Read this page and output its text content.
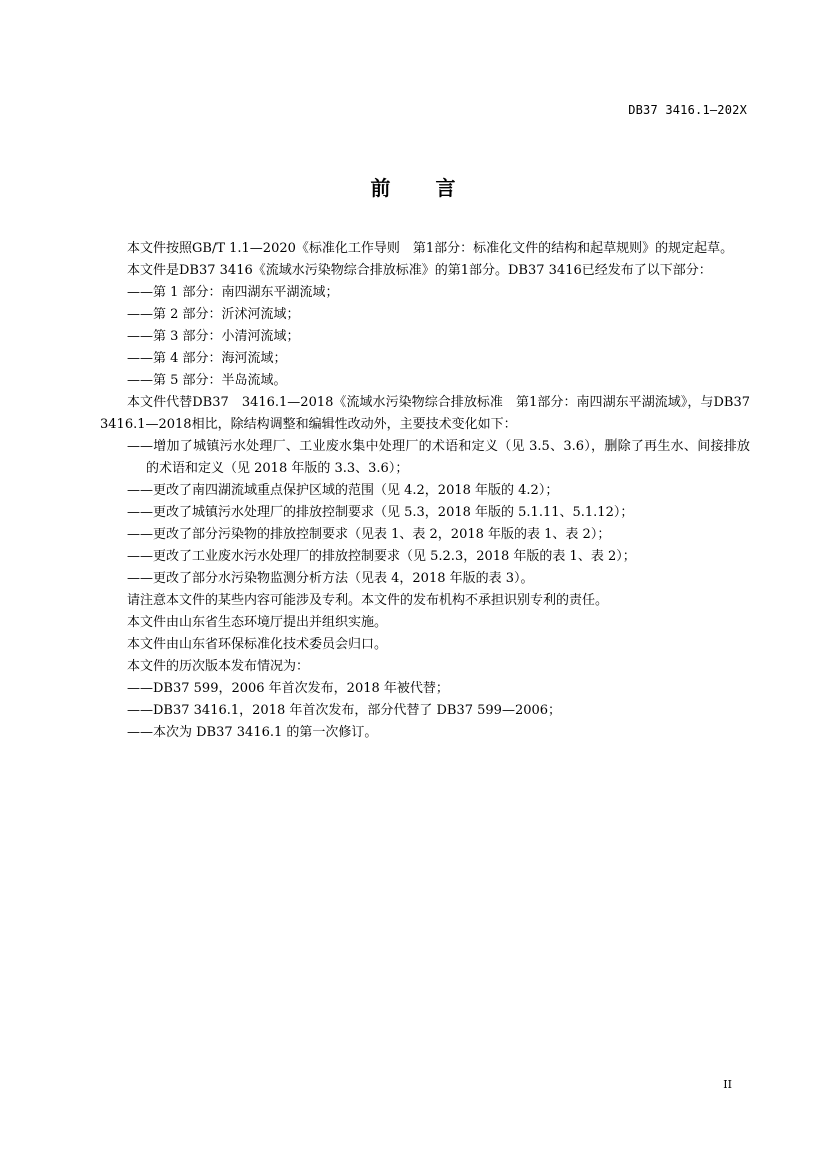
DB37 3416.1—202X
前 言

本文件按照GB/T 1.1—2020《标准化工作导则　第1部分：标准化文件的结构和起草规则》的规定起草。

本文件是DB37 3416《流域水污染物综合排放标准》的第1部分。DB37 3416已经发布了以下部分：

——第 1 部分：南四湖东平湖流域；

——第 2 部分：沂沭河流域；

——第 3 部分：小清河流域；

——第 4 部分：海河流域；

——第 5 部分：半岛流域。

本文件代替DB37　3416.1—2018《流域水污染物综合排放标准　第1部分：南四湖东平湖流域》，与DB37 3416.1—2018相比，除结构调整和编辑性改动外，主要技术变化如下：

——增加了城镇污水处理厂、工业废水集中处理厂的术语和定义（见 3.5、3.6），删除了再生水、间接排放的术语和定义（见 2018 年版的 3.3、3.6）；

——更改了南四湖流域重点保护区域的范围（见 4.2，2018 年版的 4.2）；

——更改了城镇污水处理厂的排放控制要求（见 5.3，2018 年版的 5.1.11、5.1.12）；

——更改了部分污染物的排放控制要求（见表 1、表 2，2018 年版的表 1、表 2）；

——更改了工业废水污水处理厂的排放控制要求（见 5.2.3，2018 年版的表 1、表 2）；

——更改了部分水污染物监测分析方法（见表 4，2018 年版的表 3）。

请注意本文件的某些内容可能涉及专利。本文件的发布机构不承担识别专利的责任。

本文件由山东省生态环境厅提出并组织实施。

本文件由山东省环保标准化技术委员会归口。

本文件的历次版本发布情况为：

——DB37 599，2006 年首次发布，2018 年被代替；

——DB37 3416.1，2018 年首次发布，部分代替了 DB37 599—2006；

——本次为 DB37 3416.1 的第一次修订。

II
